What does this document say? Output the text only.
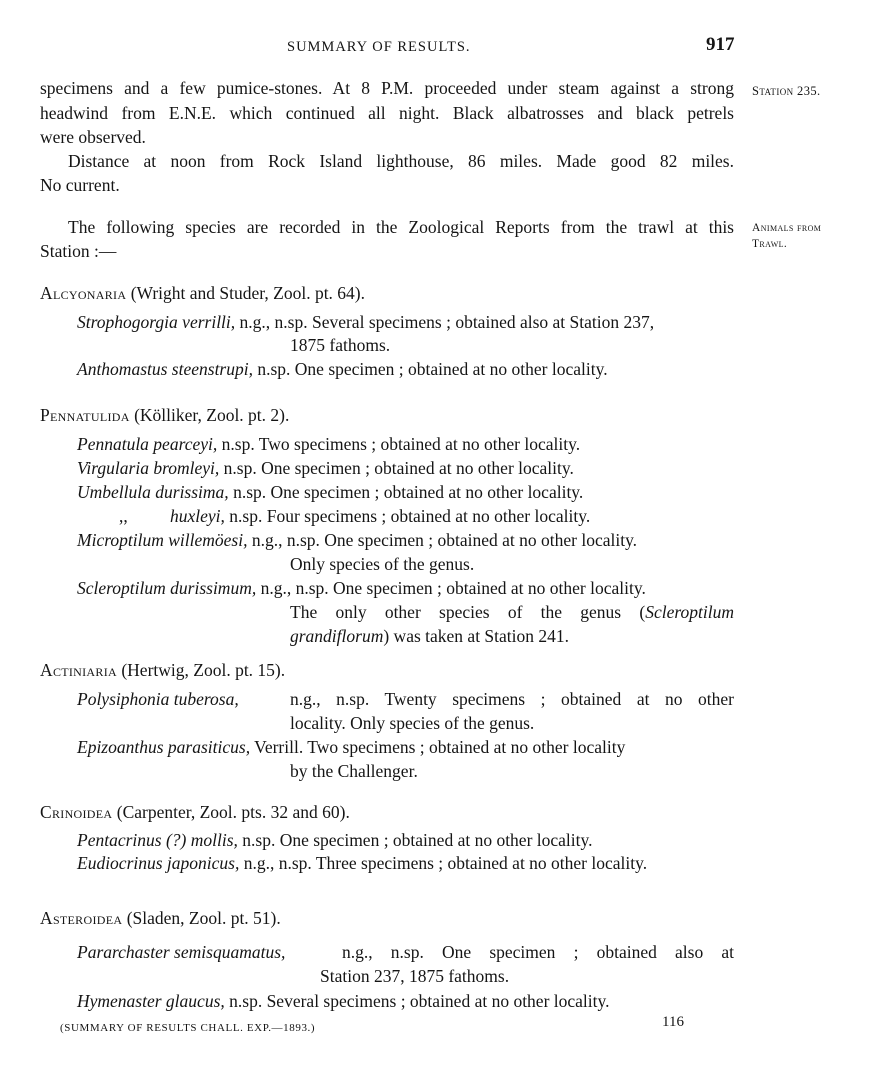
SUMMARY OF RESULTS.	917
Station 235.
Animals from
Trawl.
specimens and a few pumice-stones. At 8 P.M. proceeded under steam against a strong
headwind from E.N.E. which continued all night. Black albatrosses and black petrels
were observed.
Distance at noon from Rock Island lighthouse, 86 miles. Made good 82 miles.
No current.
The following species are recorded in the Zoological Reports from the trawl at this
Station :—
Alcyonaria (Wright and Studer, Zool. pt. 64).
Strophogorgia verrilli, n.g., n.sp. Several specimens ; obtained also at Station 237,
1875 fathoms.
Anthomastus steenstrupi, n.sp. One specimen ; obtained at no other locality.
Pennatulida (Kölliker, Zool. pt. 2).
Pennatula pearceyi, n.sp. Two specimens ; obtained at no other locality.
Virgularia bromleyi, n.sp. One specimen ; obtained at no other locality.
Umbellula durissima, n.sp. One specimen ; obtained at no other locality.
,, huxleyi, n.sp. Four specimens ; obtained at no other locality.
Microptilum willemöesi, n.g., n.sp. One specimen ; obtained at no other locality.
Only species of the genus.
Scleroptilum durissimum, n.g., n.sp. One specimen ; obtained at no other locality.
The only other species of the genus (Scleroptilum
grandiflorum) was taken at Station 241.
Actiniaria (Hertwig, Zool. pt. 15).
Polysiphonia tuberosa,	n.g., n.sp. Twenty specimens ; obtained at no other
locality. Only species of the genus.
Epizoanthus parasiticus, Verrill. Two specimens ; obtained at no other locality
by the Challenger.
Crinoidea (Carpenter, Zool. pts. 32 and 60).
Pentacrinus (?) mollis, n.sp. One specimen ; obtained at no other locality.
Eudiocrinus japonicus, n.g., n.sp. Three specimens ; obtained at no other locality.
Asteroidea (Sladen, Zool. pt. 51).
Pararchaster semisquamatus,	n.g., n.sp. One specimen ; obtained also at
Station 237, 1875 fathoms.
Hymenaster glaucus, n.sp. Several specimens ; obtained at no other locality.
(SUMMARY OF RESULTS CHALL. EXP.—1893.)	116
